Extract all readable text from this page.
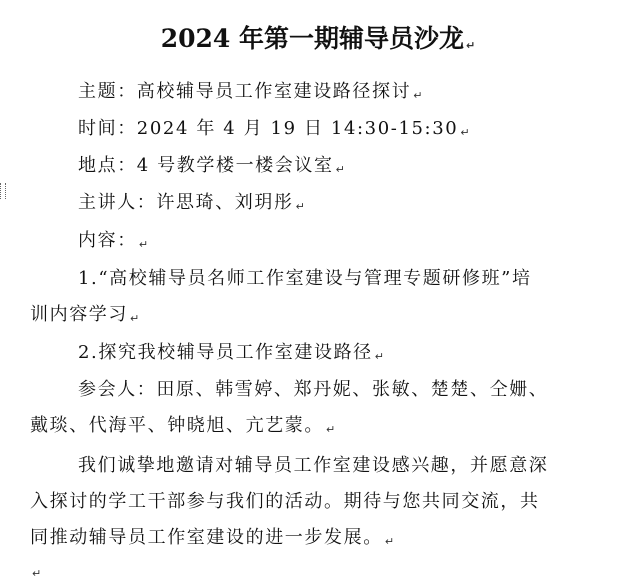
2024 年第一期辅导员沙龙 ↵
主题：高校辅导员工作室建设路径探讨 ↵
时间：2024 年 4 月 19 日 14:30-15:30 ↵
地点：4 号教学楼一楼会议室 ↵
主讲人：许思琦、刘玥彤 ↵
内容： ↵
1.“高校辅导员名师工作室建设与管理专题研修班”培
训内容学习 ↵
2.探究我校辅导员工作室建设路径 ↵
参会人：田原、韩雪婷、郑丹妮、张敏、楚楚、仝姗、
戴琰、代海平、钟晓旭、亢艺蒙。 ↵
我们诚挚地邀请对辅导员工作室建设感兴趣，并愿意深
入探讨的学工干部参与我们的活动。期待与您共同交流，共
同推动辅导员工作室建设的进一步发展。 ↵
↵
